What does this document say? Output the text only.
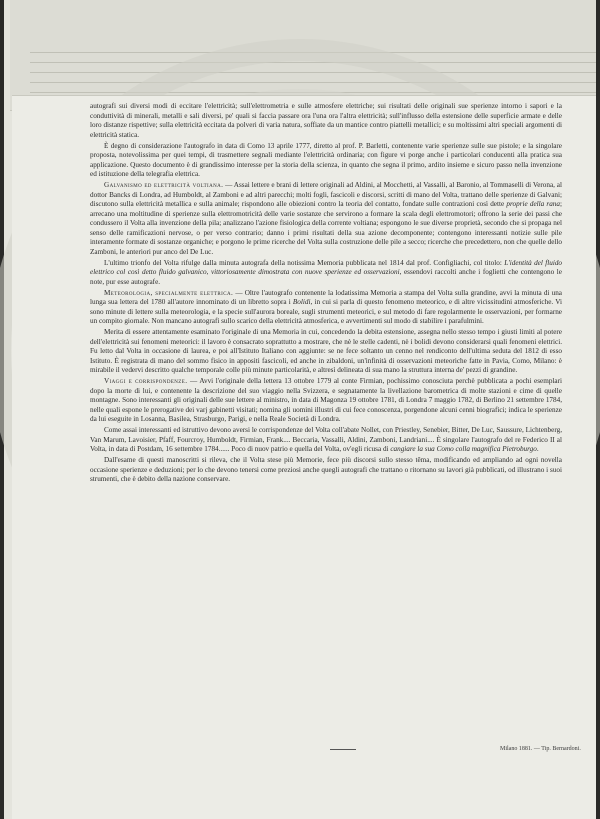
autografi sui diversi modi di eccitare l'elettricità; sull'elettrometria e sulle atmosfere elettriche; sui risultati delle originali sue sperienze intorno i sapori e la conduttività di minerali, metalli e sali diversi, pe' quali si faccia passare ora l'una ora l'altra elettricità; sull'influsso della estensione delle superficie armate e delle loro distanze rispettive; sulla elettricità eccitata da polveri di varia natura, soffiate da un mantice contro piattelli metallici; e su moltissimi altri speciali argomenti di elettricità statica.

È degno di considerazione l'autografo in data di Como 13 aprile 1777, diretto al prof. P. Barletti, contenente varie sperienze sulle sue pistole; e la singolare proposta, notevolissima per quei tempi, di trasmettere segnali mediante l'elettricità ordinaria; con figure vi porge anche i particolari conducenti alla pratica sua applicazione. Questo documento è di grandissimo interesse per la storia della scienza, in quanto che segna il primo, ardito insieme e sicuro passo nella invenzione ed istituzione della telegrafia elettrica.

Galvanismo ed elettricità voltiana. — Assai lettere e brani di lettere originali ad Aldini, al Mocchetti, al Vassalli, al Baronio, al Tommaselli di Verona, al dottor Bancks di Londra, ad Humboldt, al Zamboni e ad altri parecchi; molti fogli, fascicoli e discorsi, scritti di mano del Volta, trattano delle sperienze di Galvani; discutono sulla elettricità metallica e sulla animale; rispondono alle obiezioni contro la teoria del contatto, fondate sulle contrazioni così dette proprie della rana; arrecano una moltitudine di sperienze sulla elettromotricità delle varie sostanze che servirono a formare la scala degli elettromotori; offrono la serie dei passi che condussero il Volta alla invenzione della pila; analizzano l'azione fisiologica della corrente voltiana; espongono le sue diverse proprietà, secondo che si propaga nel senso delle ramificazioni nervose, o per verso contrario; danno i primi risultati della sua azione decomponente; contengono interessanti notizie sulle pile interamente formate di sostanze organiche; e porgono le prime ricerche del Volta sulla costruzione delle pile a secco; ricerche che precedettero, non che quelle dello Zamboni, le anteriori pur anco del De Luc.

L'ultimo trionfo del Volta rifulge dalla minuta autografa della notissima Memoria pubblicata nel 1814 dal prof. Configliachi, col titolo: L'identità del fluido elettrico col così detto fluido galvanico, vittoriosamente dimostrata con nuove sperienze ed osservazioni, essendovi raccolti anche i foglietti che contengono le note, pur esse autografe.

Meteorologia, specialmente elettrica. — Oltre l'autografo contenente la lodatissima Memoria a stampa del Volta sulla grandine, avvi la minuta di una lunga sua lettera del 1780 all'autore innominato di un libretto sopra i Bolidi, in cui si parla di questo fenomeno meteorico, e di altre vicissitudini atmosferiche. Vi sono minute di lettere sulla meteorologia, e la specie sull'aurora boreale, sugli strumenti meteorici, e sul metodo di fare regolarmente le osservazioni, per formarne un compito giornale. Non mancano autografi sullo scarico della elettricità atmosferica, e avvertimenti sul modo di stabilire i parafulmini.

Merita di essere attentamente esaminato l'originale di una Memoria in cui, concedendo la debita estensione, assegna nello stesso tempo i giusti limiti al potere dell'elettricità sui fenomeni meteorici: il lavoro è consacrato soprattutto a mostrare, che nè le stelle cadenti, nè i bolidi devono considerarsi quali fenomeni elettrici. Fu letto dal Volta in occasione di laurea, e poi all'Istituto Italiano con aggiunte: se ne fece soltanto un cenno nel rendiconto dell'ultima seduta del 1812 di esso Istituto. È registrata di mano del sommo fisico in appositi fascicoli, ed anche in zibaldoni, un'infinità di osservazioni meteoriche fatte in Pavia, Como, Milano: è mirabile il vedervi descritto qualche temporale colle più minute particolarità, e altresì delineata di sua mano la struttura interna de' pezzi di grandine.

Viaggi e corrispondenze. — Avvi l'originale della lettera 13 ottobre 1779 al conte Firmian, pochissimo conosciuta perchè pubblicata a pochi esemplari dopo la morte di lui, e contenente la descrizione del suo viaggio nella Svizzera, e segnatamente la livellazione barometrica di molte stazioni e cime di quelle montagne. Sono interessanti gli originali delle sue lettere al ministro, in data di Magonza 19 ottobre 1781, di Londra 7 maggio 1782, di Berlino 21 settembre 1784, nelle quali espone le prerogative dei varj gabinetti visitati; nomina gli uomini illustri di cui fece conoscenza, porgendone alcuni cenni biografici; indica le sperienze da lui eseguite in Losanna, Basilea, Strasburgo, Parigi, e nella Reale Società di Londra.

Come assai interessanti ed istruttivo devono aversi le corrispondenze del Volta coll'abate Nollet, con Priestley, Senebier, Bitter, De Luc, Saussure, Lichtenberg, Van Marum, Lavoisier, Pfaff, Fourcroy, Humboldt, Firmian, Frank.... Beccaria, Vassalli, Aldini, Zamboni, Landriani.... È singolare l'autografo del re Federico II al Volta, in data di Postdam, 16 settembre 1784...... Poco di nuov patrio e quella del Volta, ov'egli ricusa di cangiare la sua Como colla magnifica Pietroburgo.

Dall'esame di questi manoscritti si rileva, che il Volta stese più Memorie, fece più discorsi sullo stesso têma, modificando ed ampliando ad ogni novella occasione sperienze e deduzioni; per lo che devono tenersi come preziosi anche quegli autografi che trattano o ritornano su lavori già pubblicati, od illustrano i suoi strumenti, che è debito della nazione conservare.

Milano 1881. — Tip. Bernardoni.
